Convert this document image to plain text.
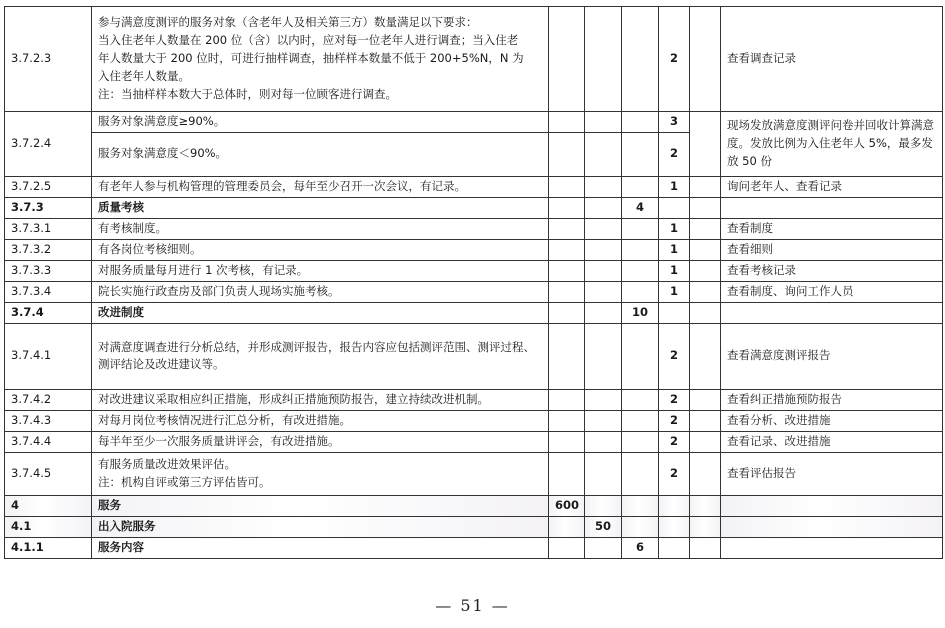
3.7.2.3	参与满意度测评的服务对象（含老年人及相关第三方）数量满足以下要求：
当入住老年人数量在 200 位（含）以内时，应对每一位老年人进行调查；当入住老
年人数量大于 200 位时，可进行抽样调查，抽样样本数量不低于 200+5%N，N 为
入住老年人数量。
注：当抽样样本数大于总体时，则对每一位顾客进行调查。				2		查看调查记录
3.7.2.4	服务对象满意度≥90%。				3		现场发放满意度测评问卷并回收计算满意
度。发放比例为入住老年人 5%，最多发
放 50 份

	服务对象满意度＜90%。				2		
3.7.2.5	有老年人参与机构管理的管理委员会，每年至少召开一次会议，有记录。				1		询问老年人、查看记录
3.7.3	质量考核			4			
3.7.3.1	有考核制度。				1		查看制度
3.7.3.2	有各岗位考核细则。				1		查看细则
3.7.3.3	对服务质量每月进行 1 次考核，有记录。				1		查看考核记录
3.7.3.4	院长实施行政查房及部门负责人现场实施考核。				1		查看制度、询问工作人员
3.7.4	改进制度			10			
3.7.4.1	对满意度调查进行分析总结，并形成测评报告，报告内容应包括测评范围、测评过程、
测评结论及改进建议等。				2		查看满意度测评报告
3.7.4.2	对改进建议采取相应纠正措施，形成纠正措施预防报告，建立持续改进机制。				2		查看纠正措施预防报告
3.7.4.3	对每月岗位考核情况进行汇总分析，有改进措施。				2		查看分析、改进措施
3.7.4.4	每半年至少一次服务质量讲评会，有改进措施。				2		查看记录、改进措施
3.7.4.5	有服务质量改进效果评估。
注：机构自评或第三方评估皆可。				2		查看评估报告
4	服务	600					
4.1	出入院服务		50				
4.1.1	服务内容			6			
— 51 —
